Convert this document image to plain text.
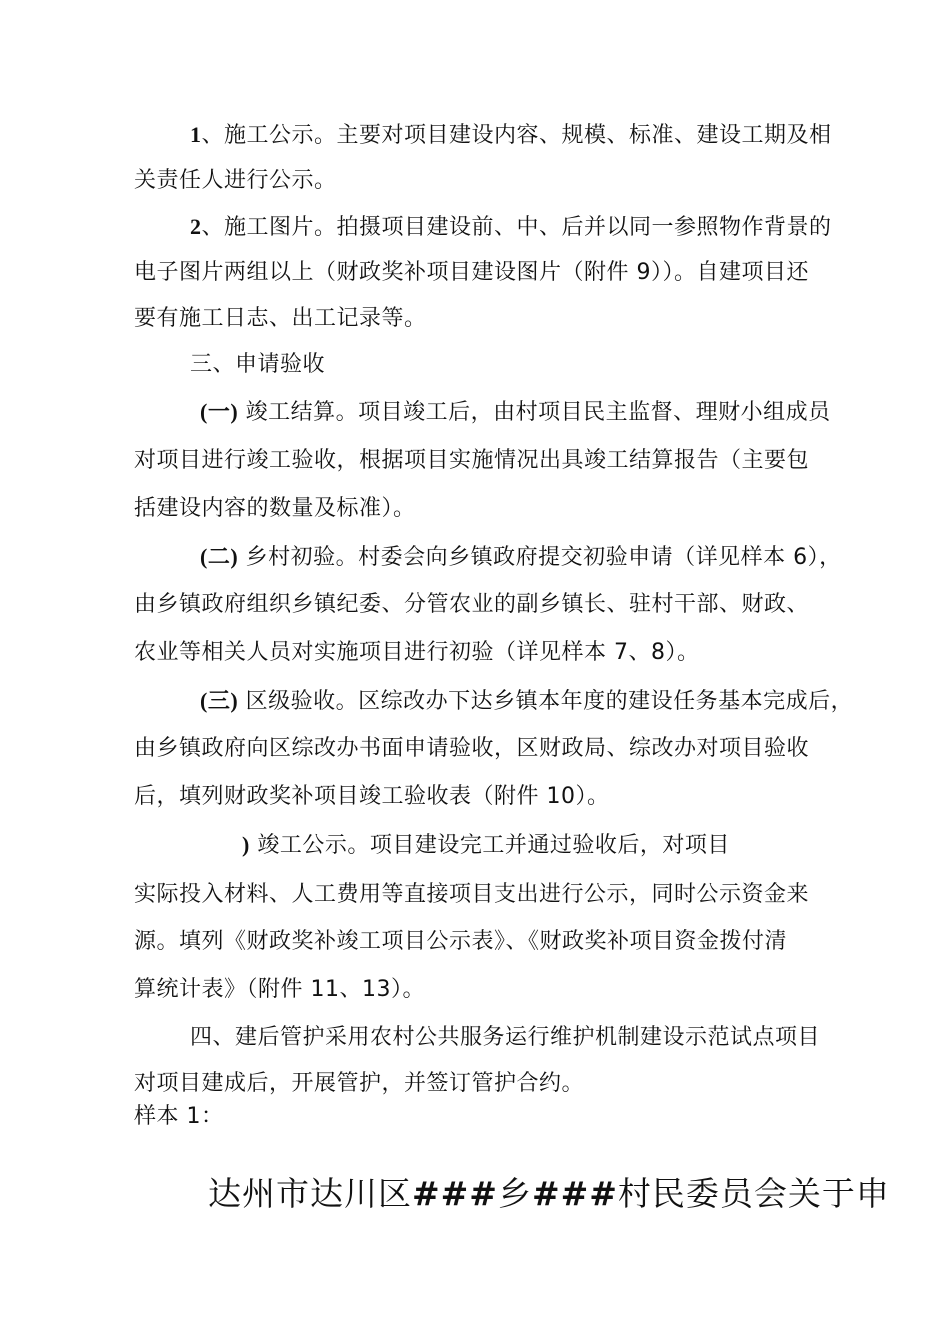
1、施工公示。主要对项目建设内容、规模、标准、建设工期及相
关责任人进行公示。
2、施工图片。拍摄项目建设前、中、后并以同一参照物作背景的
电子图片两组以上（财政奖补项目建设图片（附件 9））。自建项目还
要有施工日志、出工记录等。
三、申请验收
(一) 竣工结算。项目竣工后，由村项目民主监督、理财小组成员
对项目进行竣工验收，根据项目实施情况出具竣工结算报告（主要包
括建设内容的数量及标准）。
(二) 乡村初验。村委会向乡镇政府提交初验申请（详见样本 6），
由乡镇政府组织乡镇纪委、分管农业的副乡镇长、驻村干部、财政、
农业等相关人员对实施项目进行初验（详见样本 7、8）。
(三) 区级验收。区综改办下达乡镇本年度的建设任务基本完成后，
由乡镇政府向区综改办书面申请验收，区财政局、综改办对项目验收
后，填列财政奖补项目竣工验收表（附件 10）。
) 竣工公示。项目建设完工并通过验收后，对项目
实际投入材料、人工费用等直接项目支出进行公示，同时公示资金来
源。填列《财政奖补竣工项目公示表》、《财政奖补项目资金拨付清
算统计表》（附件 11、13）。
四、建后管护采用农村公共服务运行维护机制建设示范试点项目
对项目建成后，开展管护，并签订管护合约。
样本 1：
达州市达川区###乡###村民委员会关于申
